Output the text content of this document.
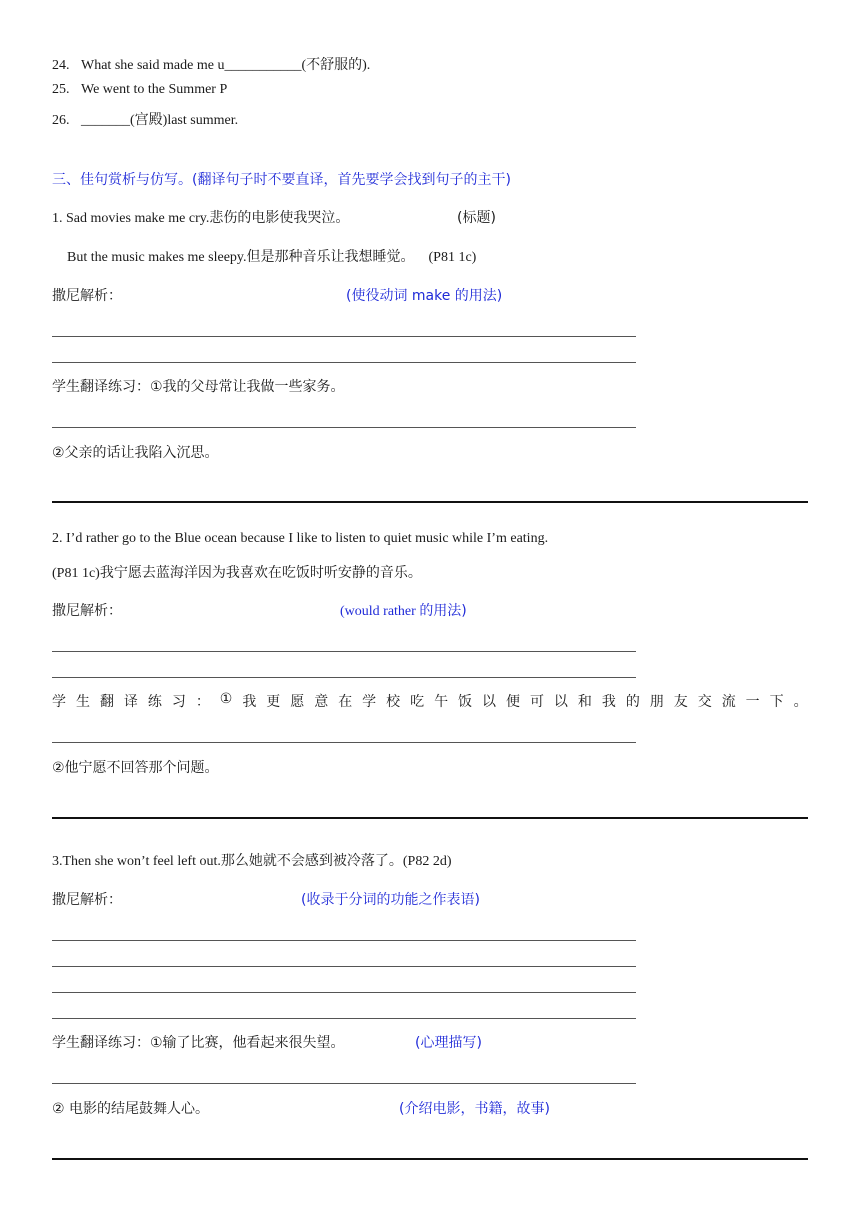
24. What she said made me u___________(不舒服的).
25. We went to the Summer P
26. _______(宫殿)last summer.
三、佳句赏析与仿写。(翻译句子时不要直译，首先要学会找到句子的主干)
1. Sad movies make me cry.悲伤的电影使我哭泣。	(标题)
But the music makes me sleepy.但是那种音乐让我想睡觉。 (P81 1c)
撒尼解析：	(使役动词 make 的用法)
学生翻译练习：①我的父母常让我做一些家务。
②父亲的话让我陷入沉思。
2. I’d rather go to the Blue ocean because I like to listen to quiet music while I’m eating.
(P81 1c)我宁愿去蓝海洋因为我喜欢在吃饭时听安静的音乐。
撒尼解析：	(would rather 的用法)
学 生 翻 译 练 习 ： ① 我 更 愿 意 在 学 校 吃 午 饭 以 便 可 以 和 我 的 朋 友 交 流 一 下 。
②他宁愿不回答那个问题。
3.Then she won’t feel left out.那么她就不会感到被冷落了。(P82 2d)
撒尼解析：	(收录于分词的功能之作表语)
学生翻译练习：①输了比赛，他看起来很失望。	(心理描写)
② 电影的结尾鼓舞人心。	(介绍电影，书籍，故事)
